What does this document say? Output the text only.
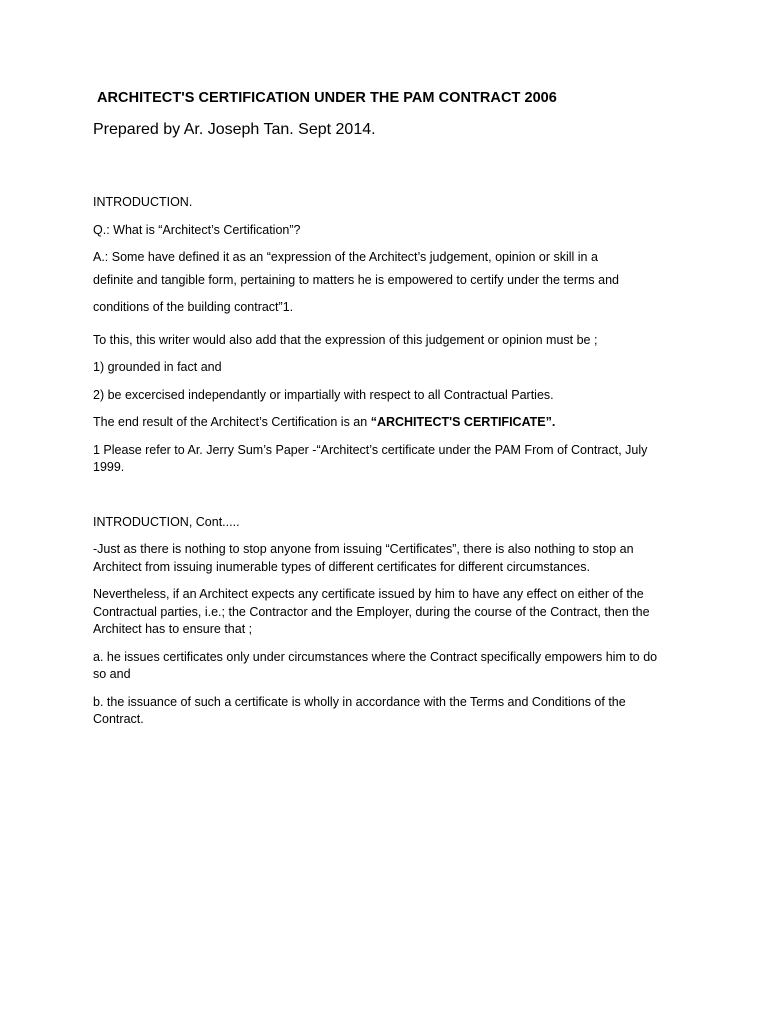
ARCHITECT'S CERTIFICATION UNDER THE PAM CONTRACT 2006
Prepared by Ar. Joseph Tan. Sept 2014.

INTRODUCTION.

Q.: What is “Architect’s Certification”?

A.: Some have defined it as an “expression of the Architect’s judgement, opinion or skill in a

definite and tangible form, pertaining to matters he is empowered to certify under the terms and

conditions of the building contract”1.

To this, this writer would also add that the expression of this judgement or opinion must be ;

1) grounded in fact and

2) be excercised independantly or impartially with respect to all Contractual Parties.

The end result of the Architect’s Certification is an “ARCHITECT'S CERTIFICATE”.

1 Please refer to Ar. Jerry Sum’s Paper -“Architect’s certificate under the PAM From of Contract, July 1999.

INTRODUCTION, Cont.....

-Just as there is nothing to stop anyone from issuing “Certificates”, there is also nothing to stop an Architect from issuing inumerable types of different certificates for different circumstances.

Nevertheless, if an Architect expects any certificate issued by him to have any effect on either of the Contractual parties, i.e.; the Contractor and the Employer, during the course of the Contract, then the Architect has to ensure that ;

a. he issues certificates only under circumstances where the Contract specifically empowers him to do so and

b. the issuance of such a certificate is wholly in accordance with the Terms and Conditions of the Contract.
